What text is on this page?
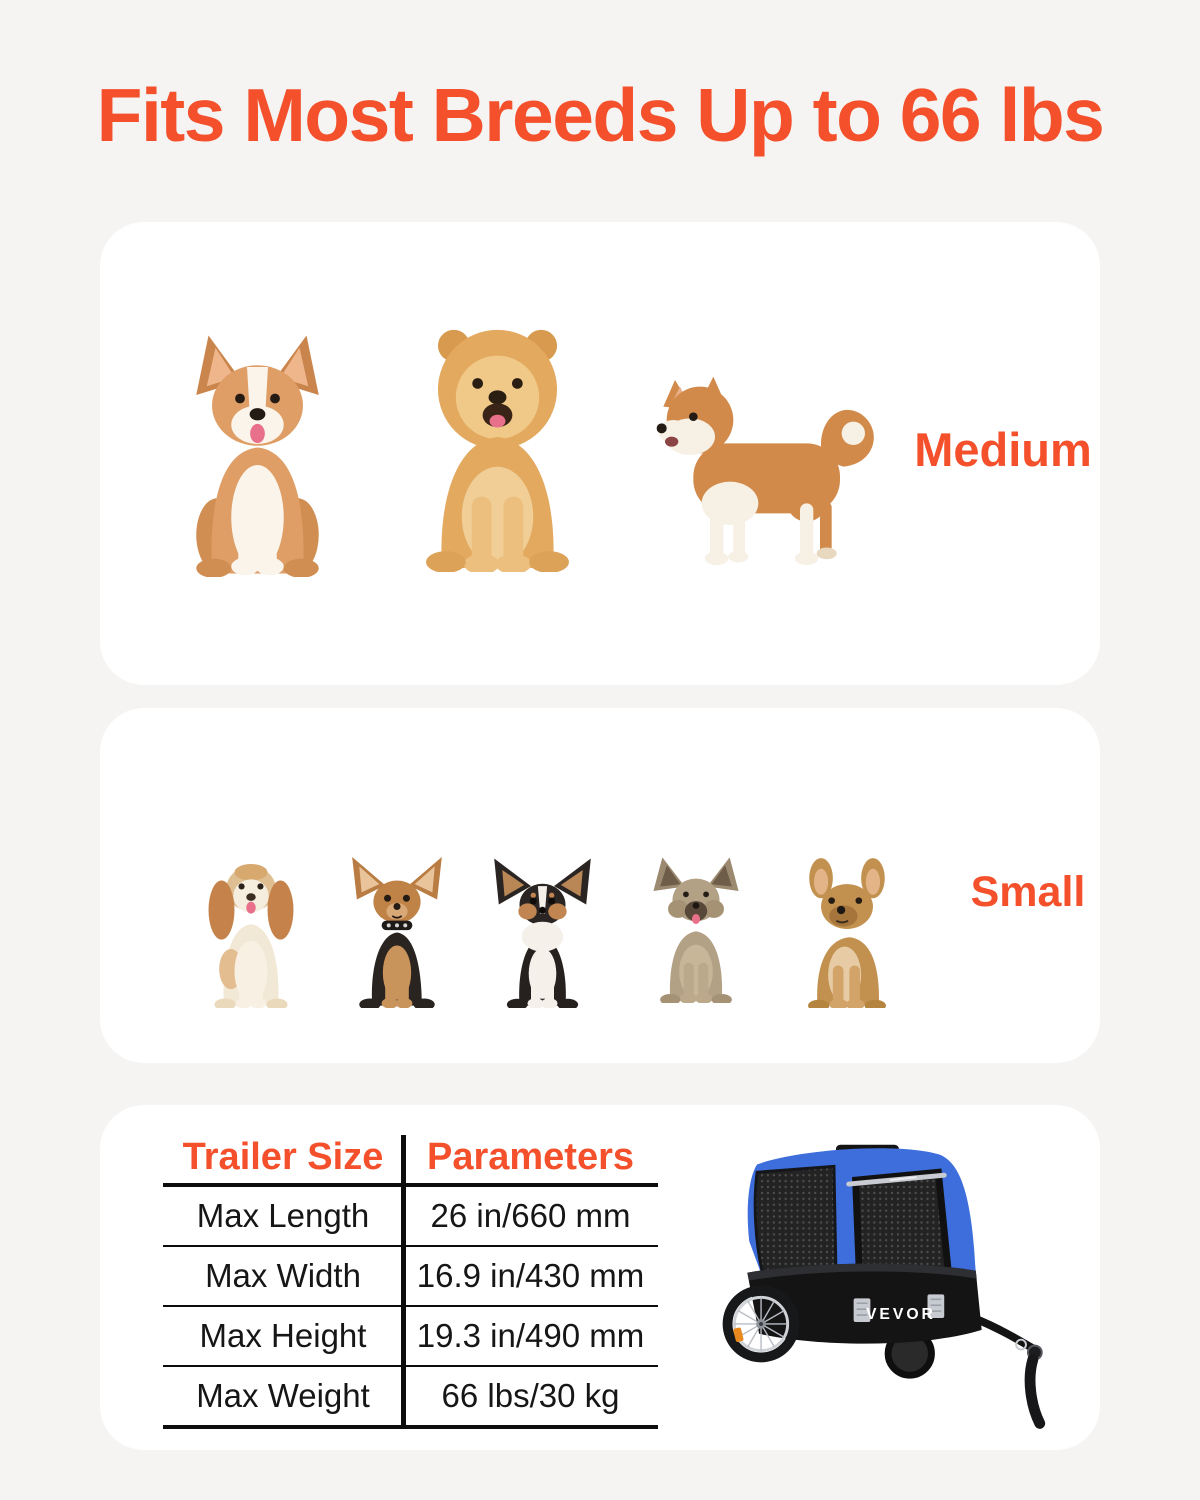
Fits Most Breeds Up to 66 lbs
Medium
Small
Trailer Size	Parameters
Max Length	26 in/660 mm
Max Width	16.9 in/430 mm
Max Height	19.3 in/490 mm
Max Weight	66 lbs/30 kg
VEVOR
